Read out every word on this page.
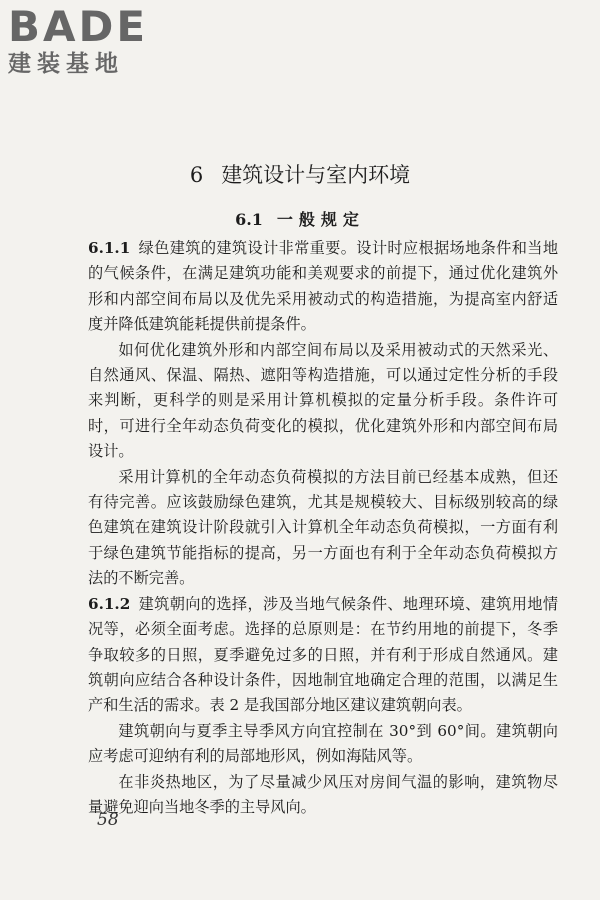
BADE
建装基地
6 建筑设计与室内环境
6.1 一般规定

6.1.1 绿色建筑的建筑设计非常重要。设计时应根据场地条件和当地的气候条件，在满足建筑功能和美观要求的前提下，通过优化建筑外形和内部空间布局以及优先采用被动式的构造措施，为提高室内舒适度并降低建筑能耗提供前提条件。

如何优化建筑外形和内部空间布局以及采用被动式的天然采光、自然通风、保温、隔热、遮阳等构造措施，可以通过定性分析的手段来判断，更科学的则是采用计算机模拟的定量分析手段。条件许可时，可进行全年动态负荷变化的模拟，优化建筑外形和内部空间布局设计。

采用计算机的全年动态负荷模拟的方法目前已经基本成熟，但还有待完善。应该鼓励绿色建筑，尤其是规模较大、目标级别较高的绿色建筑在建筑设计阶段就引入计算机全年动态负荷模拟，一方面有利于绿色建筑节能指标的提高，另一方面也有利于全年动态负荷模拟方法的不断完善。

6.1.2 建筑朝向的选择，涉及当地气候条件、地理环境、建筑用地情况等，必须全面考虑。选择的总原则是：在节约用地的前提下，冬季争取较多的日照，夏季避免过多的日照，并有利于形成自然通风。建筑朝向应结合各种设计条件，因地制宜地确定合理的范围，以满足生产和生活的需求。表 2 是我国部分地区建议建筑朝向表。

建筑朝向与夏季主导季风方向宜控制在 30°到 60°间。建筑朝向应考虑可迎纳有利的局部地形风，例如海陆风等。

在非炎热地区，为了尽量减少风压对房间气温的影响，建筑物尽量避免迎向当地冬季的主导风向。

58
